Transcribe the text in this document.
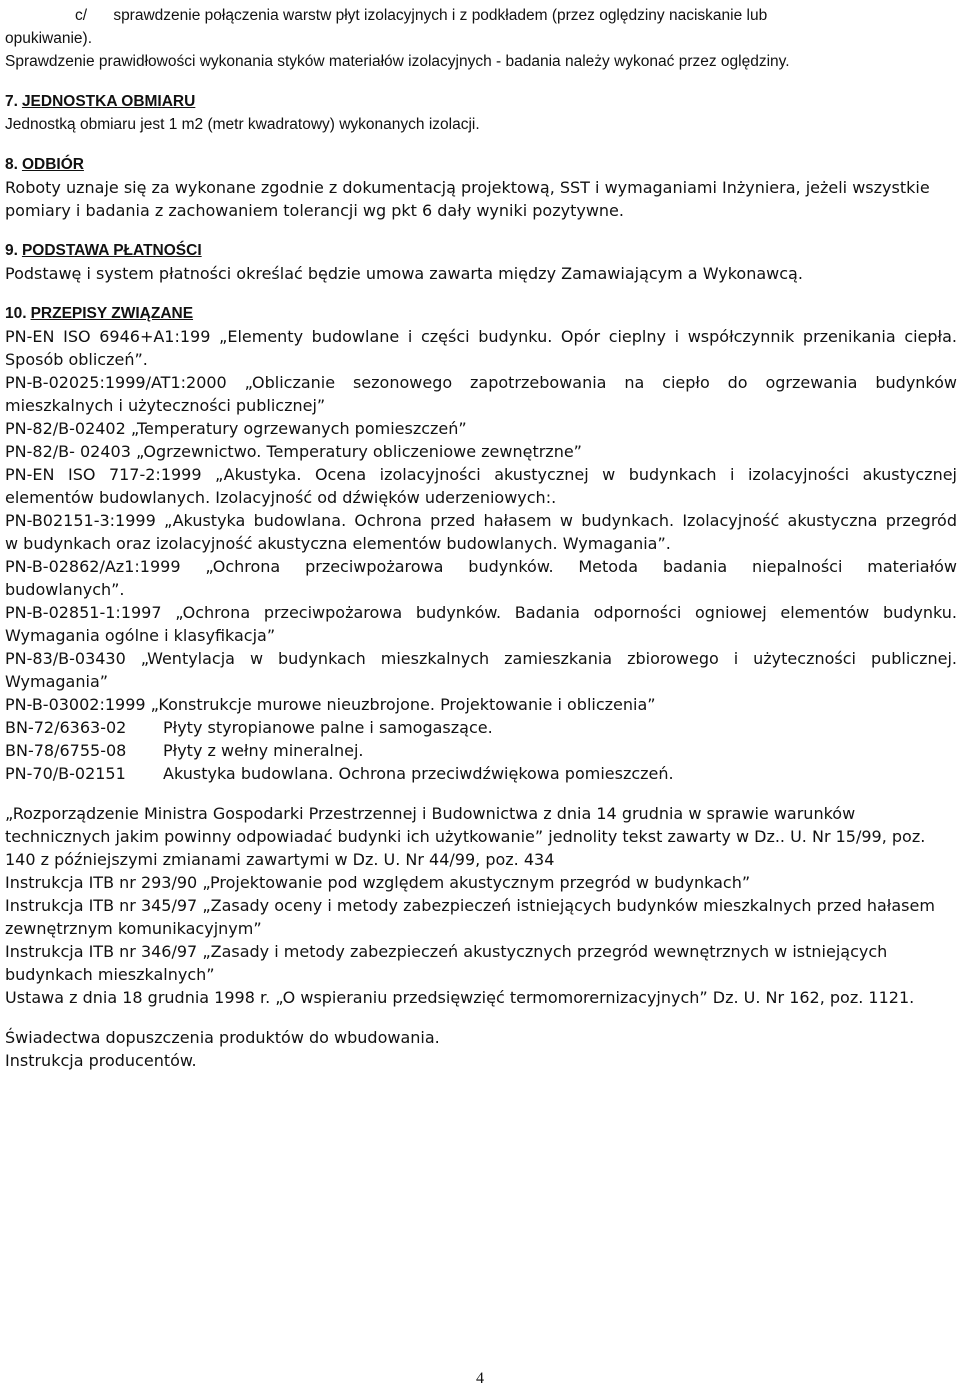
c/ sprawdzenie połączenia warstw płyt izolacyjnych i z podkładem (przez oględziny naciskanie lub
opukiwanie).
Sprawdzenie prawidłowości wykonania styków materiałów izolacyjnych - badania należy wykonać przez oględziny.
7. JEDNOSTKA OBMIARU
Jednostką obmiaru jest 1 m2 (metr kwadratowy) wykonanych izolacji.
8. ODBIÓR
Roboty uznaje się za wykonane zgodnie z dokumentacją projektową, SST i wymaganiami Inżyniera, jeżeli wszystkie
pomiary i badania z zachowaniem tolerancji wg pkt 6 dały wyniki pozytywne.
9. PODSTAWA PŁATNOŚCI
Podstawę i system płatności określać będzie umowa zawarta między Zamawiającym a Wykonawcą.
10. PRZEPISY ZWIĄZANE
PN-EN ISO 6946+A1:199 „Elementy budowlane i części budynku. Opór cieplny i współczynnik przenikania ciepła.
Sposób obliczeń”.
PN-B-02025:1999/AT1:2000 „Obliczanie sezonowego zapotrzebowania na ciepło do ogrzewania budynków
mieszkalnych i użyteczności publicznej”
PN-82/B-02402 „Temperatury ogrzewanych pomieszczeń”
PN-82/B- 02403 „Ogrzewnictwo. Temperatury obliczeniowe zewnętrzne”
PN-EN ISO 717-2:1999 „Akustyka. Ocena izolacyjności akustycznej w budynkach i izolacyjności akustycznej
elementów budowlanych. Izolacyjność od dźwięków uderzeniowych:.
PN-B02151-3:1999 „Akustyka budowlana. Ochrona przed hałasem w budynkach. Izolacyjność akustyczna przegród
w budynkach oraz izolacyjność akustyczna elementów budowlanych. Wymagania”.
PN-B-02862/Az1:1999 „Ochrona przeciwpożarowa budynków. Metoda badania niepalności materiałów
budowlanych”.
PN-B-02851-1:1997 „Ochrona przeciwpożarowa budynków. Badania odporności ogniowej elementów budynku.
Wymagania ogólne i klasyfikacja”
PN-83/B-03430 „Wentylacja w budynkach mieszkalnych zamieszkania zbiorowego i użyteczności publicznej.
Wymagania”
PN-B-03002:1999 „Konstrukcje murowe nieuzbrojone. Projektowanie i obliczenia”
BN-72/6363-02	Płyty styropianowe palne i samogaszące.
BN-78/6755-08	Płyty z wełny mineralnej.
PN-70/B-02151	Akustyka budowlana. Ochrona przeciwdźwiękowa pomieszczeń.
„Rozporządzenie Ministra Gospodarki Przestrzennej i Budownictwa z dnia 14 grudnia w sprawie warunków
technicznych jakim powinny odpowiadać budynki ich użytkowanie” jednolity tekst zawarty w Dz.. U. Nr 15/99, poz.
140 z późniejszymi zmianami zawartymi w Dz. U. Nr 44/99, poz. 434
Instrukcja ITB nr 293/90 „Projektowanie pod względem akustycznym przegród w budynkach”
Instrukcja ITB nr 345/97 „Zasady oceny i metody zabezpieczeń istniejących budynków mieszkalnych przed hałasem
zewnętrznym komunikacyjnym”
Instrukcja ITB nr 346/97 „Zasady i metody zabezpieczeń akustycznych przegród wewnętrznych w istniejących
budynkach mieszkalnych”
Ustawa z dnia 18 grudnia 1998 r. „O wspieraniu przedsięwzięć termomorernizacyjnych” Dz. U. Nr 162, poz. 1121.
Świadectwa dopuszczenia produktów do wbudowania.
Instrukcja producentów.
4
